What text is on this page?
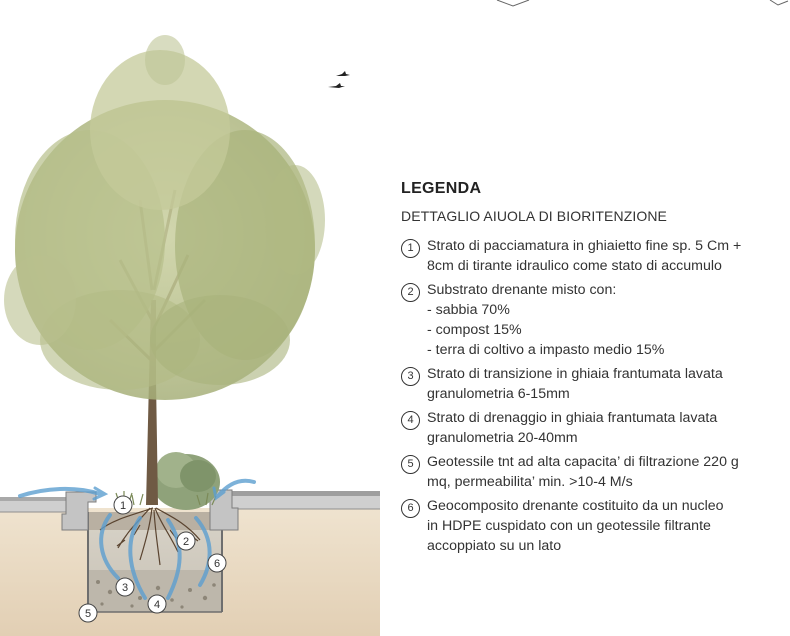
1
2
3
4
5
6
LEGENDA
DETTAGLIO AIUOLA DI BIORITENZIONE
1 Strato di pacciamatura in ghiaietto fine sp. 5 Cm +
8cm di tirante idraulico come stato di accumulo
2 Substrato drenante misto con:
- sabbia 70%
- compost 15%
- terra di coltivo a impasto medio 15%
3 Strato di transizione in ghiaia frantumata lavata
granulometria 6-15mm
4 Strato di drenaggio in ghiaia frantumata lavata
granulometria 20-40mm
5 Geotessile tnt ad alta capacita’ di filtrazione 220 g
mq, permeabilita’ min. >10-4 M/s
6 Geocomposito drenante costituito da un nucleo
in HDPE cuspidato con un geotessile filtrante
accoppiato su un lato
